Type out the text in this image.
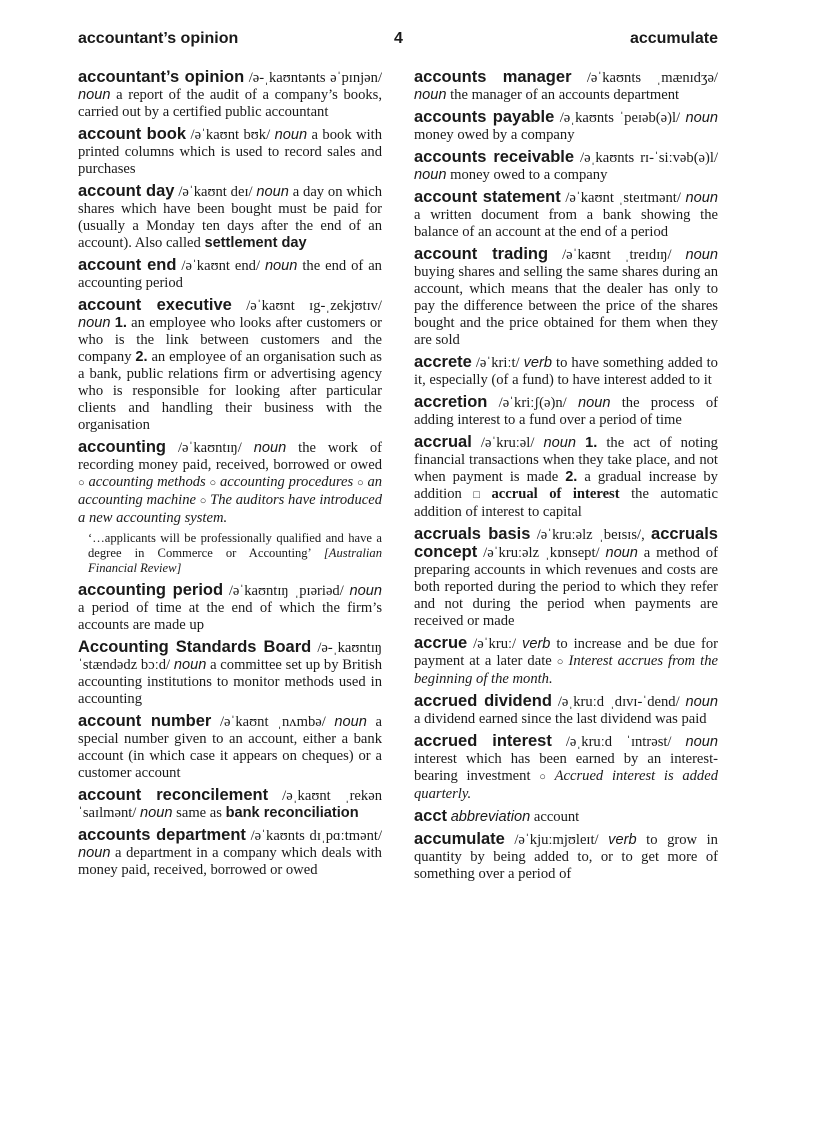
accountant’s opinion	4	accumulate
accountant’s opinion /ə-ˌkaʊntənts əˈpɪnjən/ noun a report of the audit of a company’s books, carried out by a certified public accountant
account book /əˈkaʊnt bʊk/ noun a book with printed columns which is used to record sales and purchases
account day /əˈkaʊnt deɪ/ noun a day on which shares which have been bought must be paid for (usually a Monday ten days after the end of an account). Also called settlement day
account end /əˈkaʊnt end/ noun the end of an accounting period
account executive /əˈkaʊnt ɪg-ˌzekjʊtɪv/ noun 1. an employee who looks after customers or who is the link between customers and the company 2. an employee of an organisation such as a bank, public relations firm or advertising agency who is responsible for looking after particular clients and handling their business with the organisation
accounting /əˈkaʊntɪŋ/ noun the work of recording money paid, received, borrowed or owed ○ accounting methods ○ accounting procedures ○ an accounting machine ○ The auditors have introduced a new accounting system.
‘…applicants will be professionally qualified and have a degree in Commerce or Accounting’ [Australian Financial Review]
accounting period /əˈkaʊntɪŋ ˌpɪəriəd/ noun a period of time at the end of which the firm’s accounts are made up
Accounting Standards Board /ə-ˌkaʊntɪŋ ˈstændədz bɔːd/ noun a committee set up by British accounting institutions to monitor methods used in accounting
account number /əˈkaʊnt ˌnʌmbə/ noun a special number given to an account, either a bank account (in which case it appears on cheques) or a customer account
account reconcilement /əˌkaʊnt ˌrekənˈsaɪlmənt/ noun same as bank reconciliation
accounts department /əˈkaʊnts dɪˌpɑːtmənt/ noun a department in a company which deals with money paid, received, borrowed or owed
accounts manager /əˈkaʊnts ˌmænɪdʒə/ noun the manager of an accounts department
accounts payable /əˌkaʊnts ˈpeɪəb(ə)l/ noun money owed by a company
accounts receivable /əˌkaʊnts rɪ-ˈsiːvəb(ə)l/ noun money owed to a company
account statement /əˈkaʊnt ˌsteɪtmənt/ noun a written document from a bank showing the balance of an account at the end of a period
account trading /əˈkaʊnt ˌtreɪdɪŋ/ noun buying shares and selling the same shares during an account, which means that the dealer has only to pay the difference between the price of the shares bought and the price obtained for them when they are sold
accrete /əˈkriːt/ verb to have something added to it, especially (of a fund) to have interest added to it
accretion /əˈkriːʃ(ə)n/ noun the process of adding interest to a fund over a period of time
accrual /əˈkruːəl/ noun 1. the act of noting financial transactions when they take place, and not when payment is made 2. a gradual increase by addition □ accrual of interest the automatic addition of interest to capital
accruals basis /əˈkruːəlz ˌbeɪsɪs/, accruals concept /əˈkruːəlz ˌkɒnsept/ noun a method of preparing accounts in which revenues and costs are both reported during the period to which they refer and not during the period when payments are received or made
accrue /əˈkruː/ verb to increase and be due for payment at a later date ○ Interest accrues from the beginning of the month.
accrued dividend /əˌkruːd ˌdɪvɪ-ˈdend/ noun a dividend earned since the last dividend was paid
accrued interest /əˌkruːd ˈɪntrəst/ noun interest which has been earned by an interest-bearing investment ○ Accrued interest is added quarterly.
acct abbreviation account
accumulate /əˈkjuːmjʊleɪt/ verb to grow in quantity by being added to, or to get more of something over a period of
